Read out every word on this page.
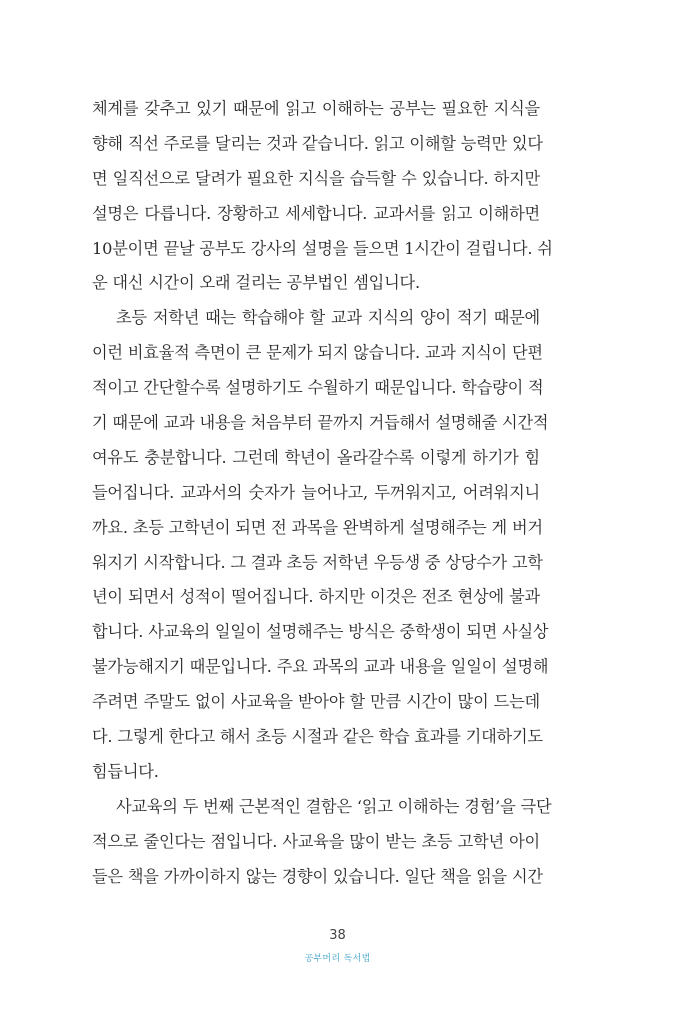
체계를 갖추고 있기 때문에 읽고 이해하는 공부는 필요한 지식을
향해 직선 주로를 달리는 것과 같습니다. 읽고 이해할 능력만 있다
면 일직선으로 달려가 필요한 지식을 습득할 수 있습니다. 하지만
설명은 다릅니다. 장황하고 세세합니다. 교과서를 읽고 이해하면
10분이면 끝날 공부도 강사의 설명을 들으면 1시간이 걸립니다. 쉬
운 대신 시간이 오래 걸리는 공부법인 셈입니다.
초등 저학년 때는 학습해야 할 교과 지식의 양이 적기 때문에
이런 비효율적 측면이 큰 문제가 되지 않습니다. 교과 지식이 단편
적이고 간단할수록 설명하기도 수월하기 때문입니다. 학습량이 적
기 때문에 교과 내용을 처음부터 끝까지 거듭해서 설명해줄 시간적
여유도 충분합니다. 그런데 학년이 올라갈수록 이렇게 하기가 힘
들어집니다. 교과서의 숫자가 늘어나고, 두꺼워지고, 어려워지니
까요. 초등 고학년이 되면 전 과목을 완벽하게 설명해주는 게 버거
워지기 시작합니다. 그 결과 초등 저학년 우등생 중 상당수가 고학
년이 되면서 성적이 떨어집니다. 하지만 이것은 전조 현상에 불과
합니다. 사교육의 일일이 설명해주는 방식은 중학생이 되면 사실상
불가능해지기 때문입니다. 주요 과목의 교과 내용을 일일이 설명해
주려면 주말도 없이 사교육을 받아야 할 만큼 시간이 많이 드는데
다. 그렇게 한다고 해서 초등 시절과 같은 학습 효과를 기대하기도
힘듭니다.
사교육의 두 번째 근본적인 결함은 ‘읽고 이해하는 경험’을 극단
적으로 줄인다는 점입니다. 사교육을 많이 받는 초등 고학년 아이
들은 책을 가까이하지 않는 경향이 있습니다. 일단 책을 읽을 시간
38
공부머리 독서법
